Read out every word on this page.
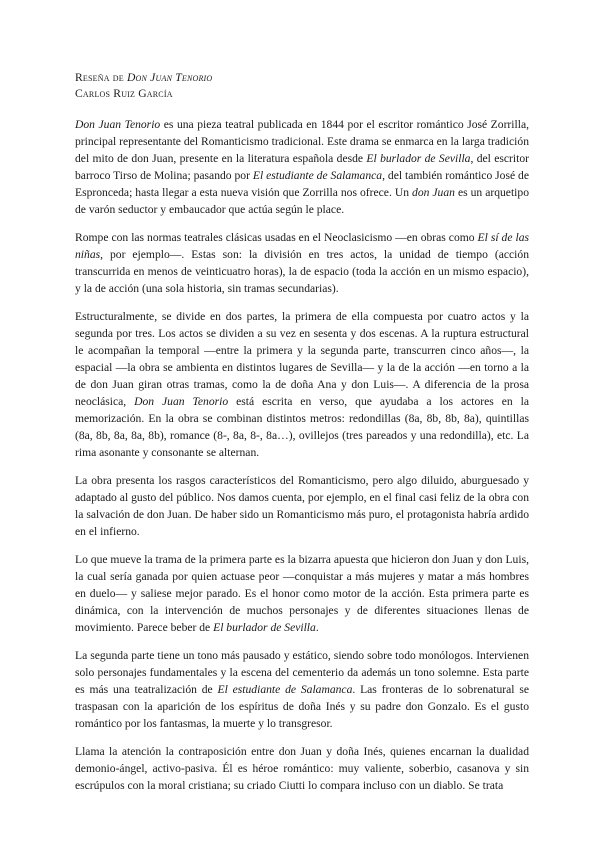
Reseña de Don Juan Tenorio
Carlos Ruiz García

Don Juan Tenorio es una pieza teatral publicada en 1844 por el escritor romántico José Zorrilla, principal representante del Romanticismo tradicional. Este drama se enmarca en la larga tradición del mito de don Juan, presente en la literatura española desde El burlador de Sevilla, del escritor barroco Tirso de Molina; pasando por El estudiante de Salamanca, del también romántico José de Espronceda; hasta llegar a esta nueva visión que Zorrilla nos ofrece. Un don Juan es un arquetipo de varón seductor y embaucador que actúa según le place.

Rompe con las normas teatrales clásicas usadas en el Neoclasicismo —en obras como El sí de las niñas, por ejemplo—. Estas son: la división en tres actos, la unidad de tiempo (acción transcurrida en menos de veinticuatro horas), la de espacio (toda la acción en un mismo espacio), y la de acción (una sola historia, sin tramas secundarias).

Estructuralmente, se divide en dos partes, la primera de ella compuesta por cuatro actos y la segunda por tres. Los actos se dividen a su vez en sesenta y dos escenas. A la ruptura estructural le acompañan la temporal —entre la primera y la segunda parte, transcurren cinco años—, la espacial —la obra se ambienta en distintos lugares de Sevilla— y la de la acción —en torno a la de don Juan giran otras tramas, como la de doña Ana y don Luis—. A diferencia de la prosa neoclásica, Don Juan Tenorio está escrita en verso, que ayudaba a los actores en la memorización. En la obra se combinan distintos metros: redondillas (8a, 8b, 8b, 8a), quintillas (8a, 8b, 8a, 8a, 8b), romance (8-, 8a, 8-, 8a…), ovillejos (tres pareados y una redondilla), etc. La rima asonante y consonante se alternan.

La obra presenta los rasgos característicos del Romanticismo, pero algo diluido, aburguesado y adaptado al gusto del público. Nos damos cuenta, por ejemplo, en el final casi feliz de la obra con la salvación de don Juan. De haber sido un Romanticismo más puro, el protagonista habría ardido en el infierno.

Lo que mueve la trama de la primera parte es la bizarra apuesta que hicieron don Juan y don Luis, la cual sería ganada por quien actuase peor —conquistar a más mujeres y matar a más hombres en duelo— y saliese mejor parado. Es el honor como motor de la acción. Esta primera parte es dinámica, con la intervención de muchos personajes y de diferentes situaciones llenas de movimiento. Parece beber de El burlador de Sevilla.

La segunda parte tiene un tono más pausado y estático, siendo sobre todo monólogos. Intervienen solo personajes fundamentales y la escena del cementerio da además un tono solemne. Esta parte es más una teatralización de El estudiante de Salamanca. Las fronteras de lo sobrenatural se traspasan con la aparición de los espíritus de doña Inés y su padre don Gonzalo. Es el gusto romántico por los fantasmas, la muerte y lo transgresor.

Llama la atención la contraposición entre don Juan y doña Inés, quienes encarnan la dualidad demonio-ángel, activo-pasiva. Él es héroe romántico: muy valiente, soberbio, casanova y sin escrúpulos con la moral cristiana; su criado Ciutti lo compara incluso con un diablo. Se trata
